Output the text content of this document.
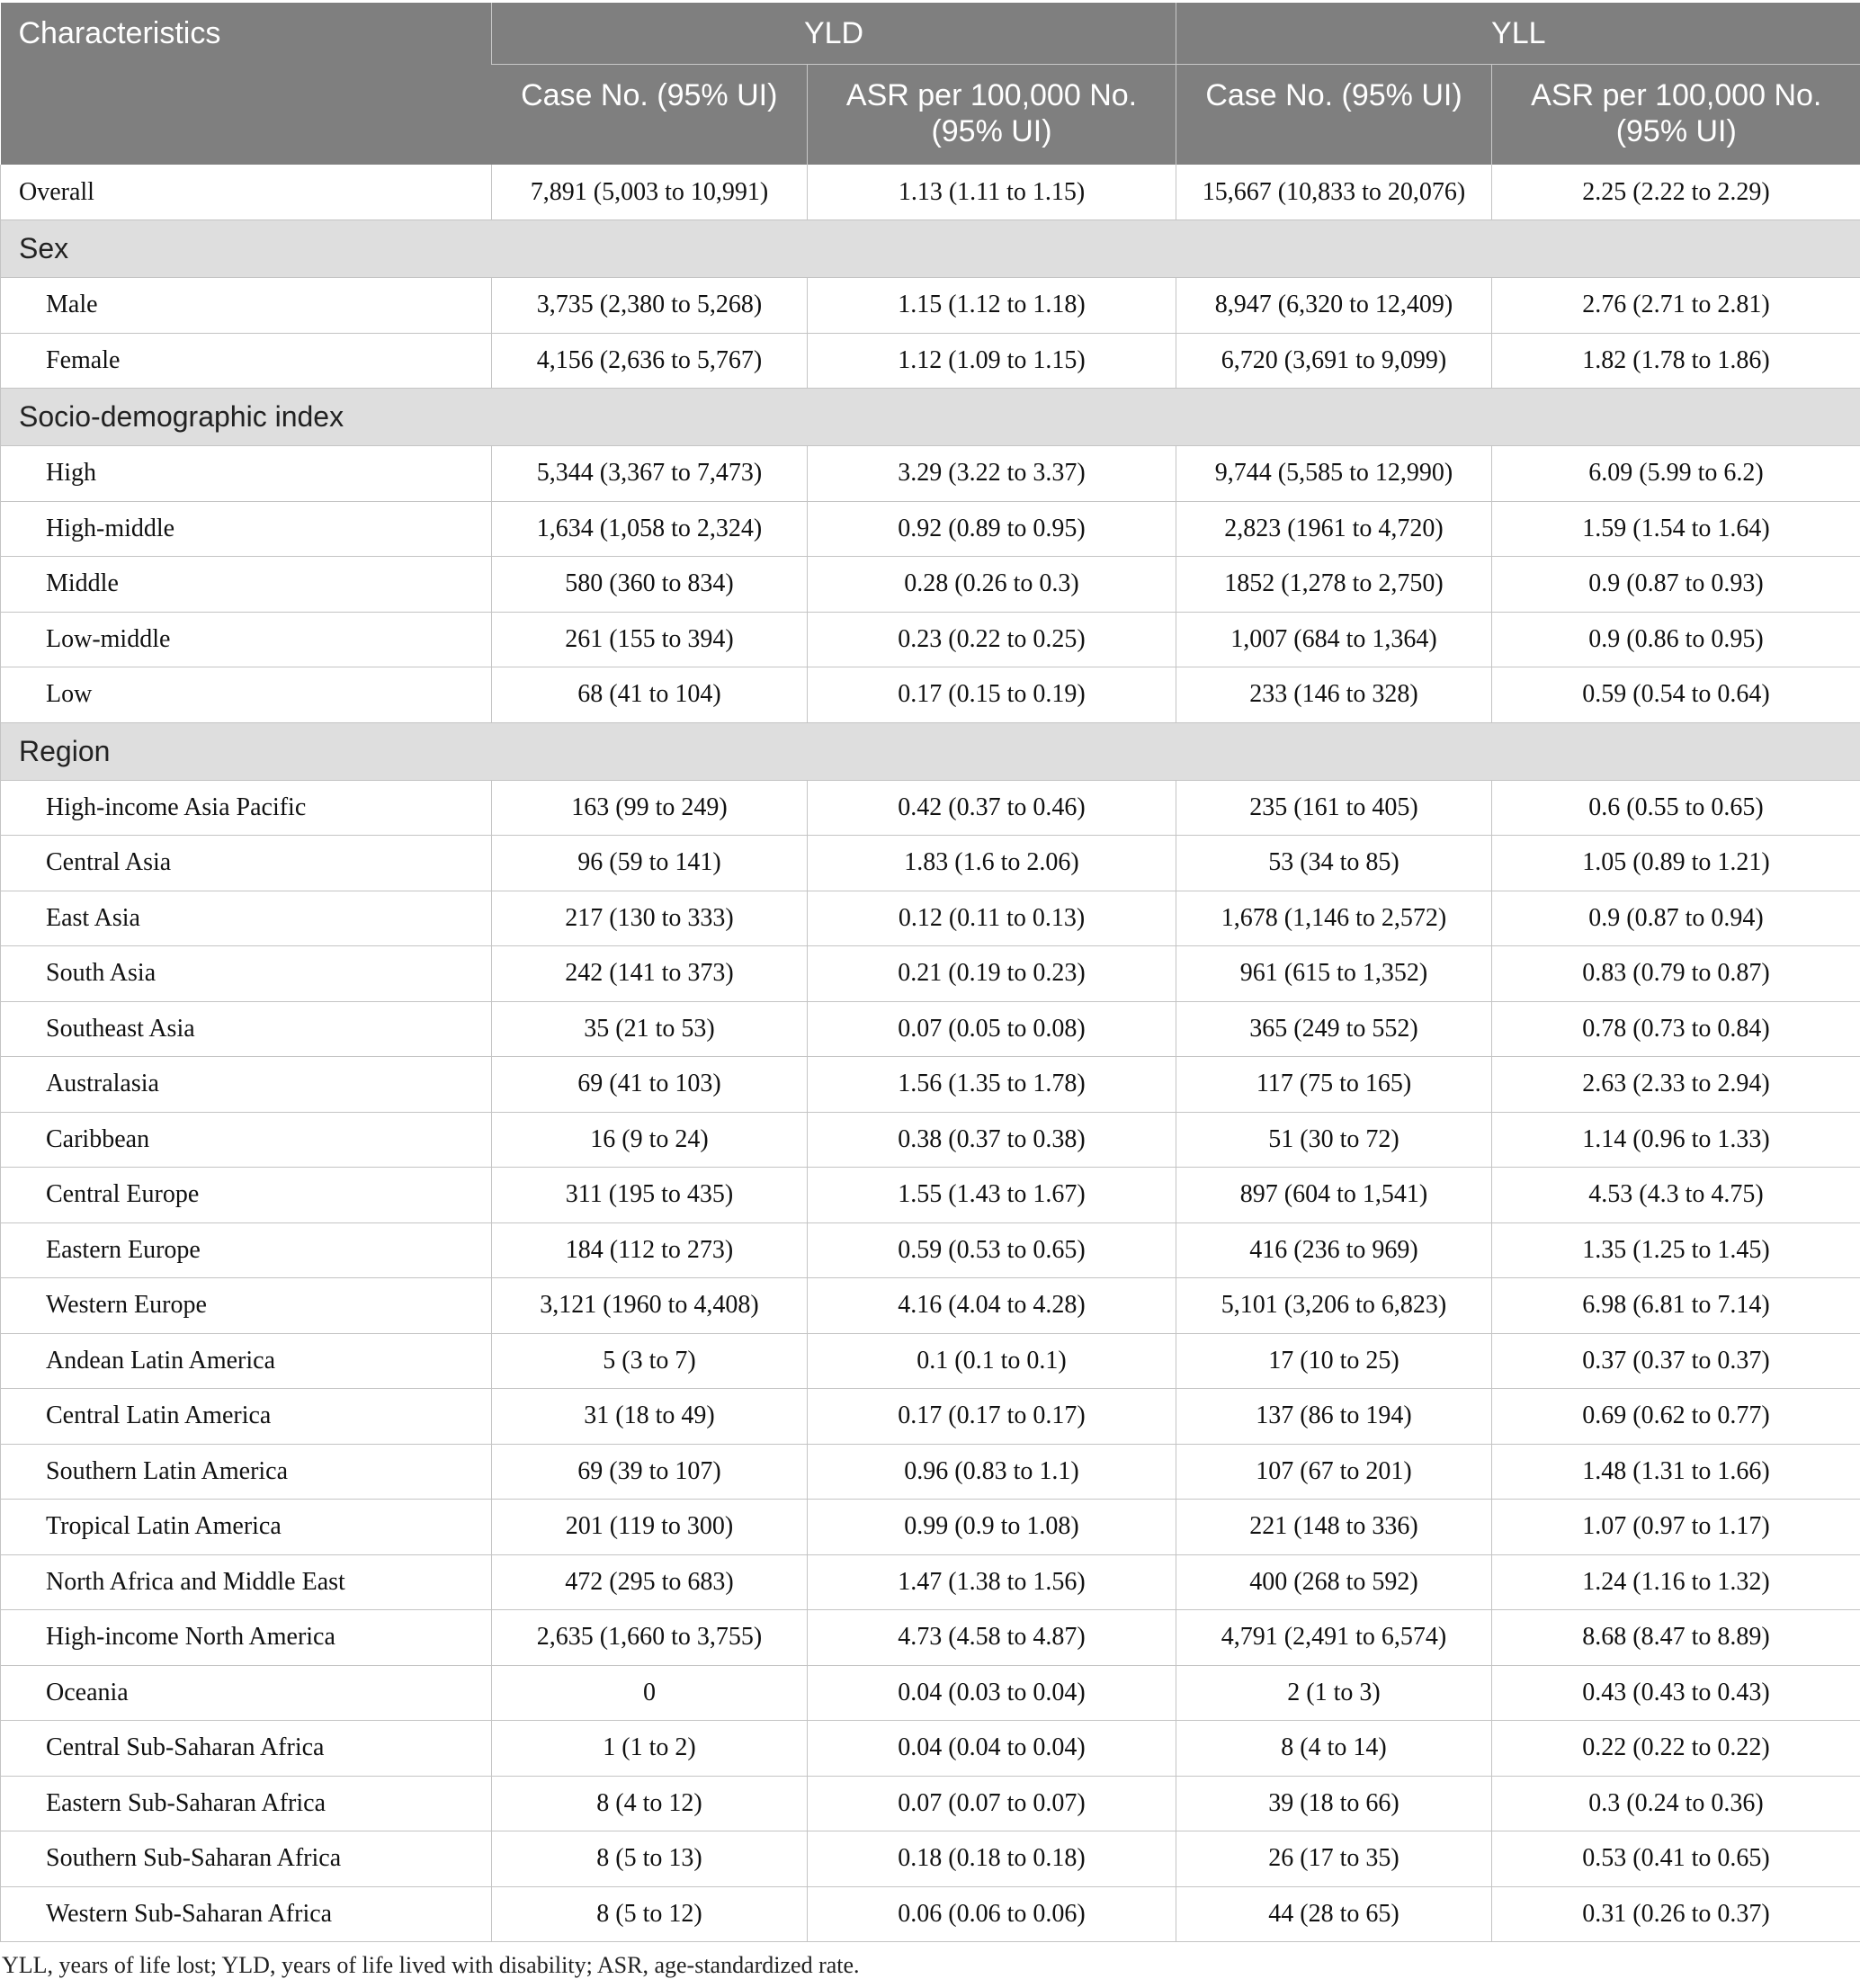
Characteristics	YLD		YLL	
	Case No. (95% UI)	ASR per 100,000 No. (95% UI)	Case No. (95% UI)	ASR per 100,000 No. (95% UI)
Overall	7,891 (5,003 to 10,991)	1.13 (1.11 to 1.15)	15,667 (10,833 to 20,076)	2.25 (2.22 to 2.29)
Sex				
Male	3,735 (2,380 to 5,268)	1.15 (1.12 to 1.18)	8,947 (6,320 to 12,409)	2.76 (2.71 to 2.81)
Female	4,156 (2,636 to 5,767)	1.12 (1.09 to 1.15)	6,720 (3,691 to 9,099)	1.82 (1.78 to 1.86)
Socio-demographic index				
High	5,344 (3,367 to 7,473)	3.29 (3.22 to 3.37)	9,744 (5,585 to 12,990)	6.09 (5.99 to 6.2)
High-middle	1,634 (1,058 to 2,324)	0.92 (0.89 to 0.95)	2,823 (1961 to 4,720)	1.59 (1.54 to 1.64)
Middle	580 (360 to 834)	0.28 (0.26 to 0.3)	1852 (1,278 to 2,750)	0.9 (0.87 to 0.93)
Low-middle	261 (155 to 394)	0.23 (0.22 to 0.25)	1,007 (684 to 1,364)	0.9 (0.86 to 0.95)
Low	68 (41 to 104)	0.17 (0.15 to 0.19)	233 (146 to 328)	0.59 (0.54 to 0.64)
Region				
High-income Asia Pacific	163 (99 to 249)	0.42 (0.37 to 0.46)	235 (161 to 405)	0.6 (0.55 to 0.65)
Central Asia	96 (59 to 141)	1.83 (1.6 to 2.06)	53 (34 to 85)	1.05 (0.89 to 1.21)
East Asia	217 (130 to 333)	0.12 (0.11 to 0.13)	1,678 (1,146 to 2,572)	0.9 (0.87 to 0.94)
South Asia	242 (141 to 373)	0.21 (0.19 to 0.23)	961 (615 to 1,352)	0.83 (0.79 to 0.87)
Southeast Asia	35 (21 to 53)	0.07 (0.05 to 0.08)	365 (249 to 552)	0.78 (0.73 to 0.84)
Australasia	69 (41 to 103)	1.56 (1.35 to 1.78)	117 (75 to 165)	2.63 (2.33 to 2.94)
Caribbean	16 (9 to 24)	0.38 (0.37 to 0.38)	51 (30 to 72)	1.14 (0.96 to 1.33)
Central Europe	311 (195 to 435)	1.55 (1.43 to 1.67)	897 (604 to 1,541)	4.53 (4.3 to 4.75)
Eastern Europe	184 (112 to 273)	0.59 (0.53 to 0.65)	416 (236 to 969)	1.35 (1.25 to 1.45)
Western Europe	3,121 (1960 to 4,408)	4.16 (4.04 to 4.28)	5,101 (3,206 to 6,823)	6.98 (6.81 to 7.14)
Andean Latin America	5 (3 to 7)	0.1 (0.1 to 0.1)	17 (10 to 25)	0.37 (0.37 to 0.37)
Central Latin America	31 (18 to 49)	0.17 (0.17 to 0.17)	137 (86 to 194)	0.69 (0.62 to 0.77)
Southern Latin America	69 (39 to 107)	0.96 (0.83 to 1.1)	107 (67 to 201)	1.48 (1.31 to 1.66)
Tropical Latin America	201 (119 to 300)	0.99 (0.9 to 1.08)	221 (148 to 336)	1.07 (0.97 to 1.17)
North Africa and Middle East	472 (295 to 683)	1.47 (1.38 to 1.56)	400 (268 to 592)	1.24 (1.16 to 1.32)
High-income North America	2,635 (1,660 to 3,755)	4.73 (4.58 to 4.87)	4,791 (2,491 to 6,574)	8.68 (8.47 to 8.89)
Oceania	0	0.04 (0.03 to 0.04)	2 (1 to 3)	0.43 (0.43 to 0.43)
Central Sub-Saharan Africa	1 (1 to 2)	0.04 (0.04 to 0.04)	8 (4 to 14)	0.22 (0.22 to 0.22)
Eastern Sub-Saharan Africa	8 (4 to 12)	0.07 (0.07 to 0.07)	39 (18 to 66)	0.3 (0.24 to 0.36)
Southern Sub-Saharan Africa	8 (5 to 13)	0.18 (0.18 to 0.18)	26 (17 to 35)	0.53 (0.41 to 0.65)
Western Sub-Saharan Africa	8 (5 to 12)	0.06 (0.06 to 0.06)	44 (28 to 65)	0.31 (0.26 to 0.37)
YLL, years of life lost; YLD, years of life lived with disability; ASR, age-standardized rate.
